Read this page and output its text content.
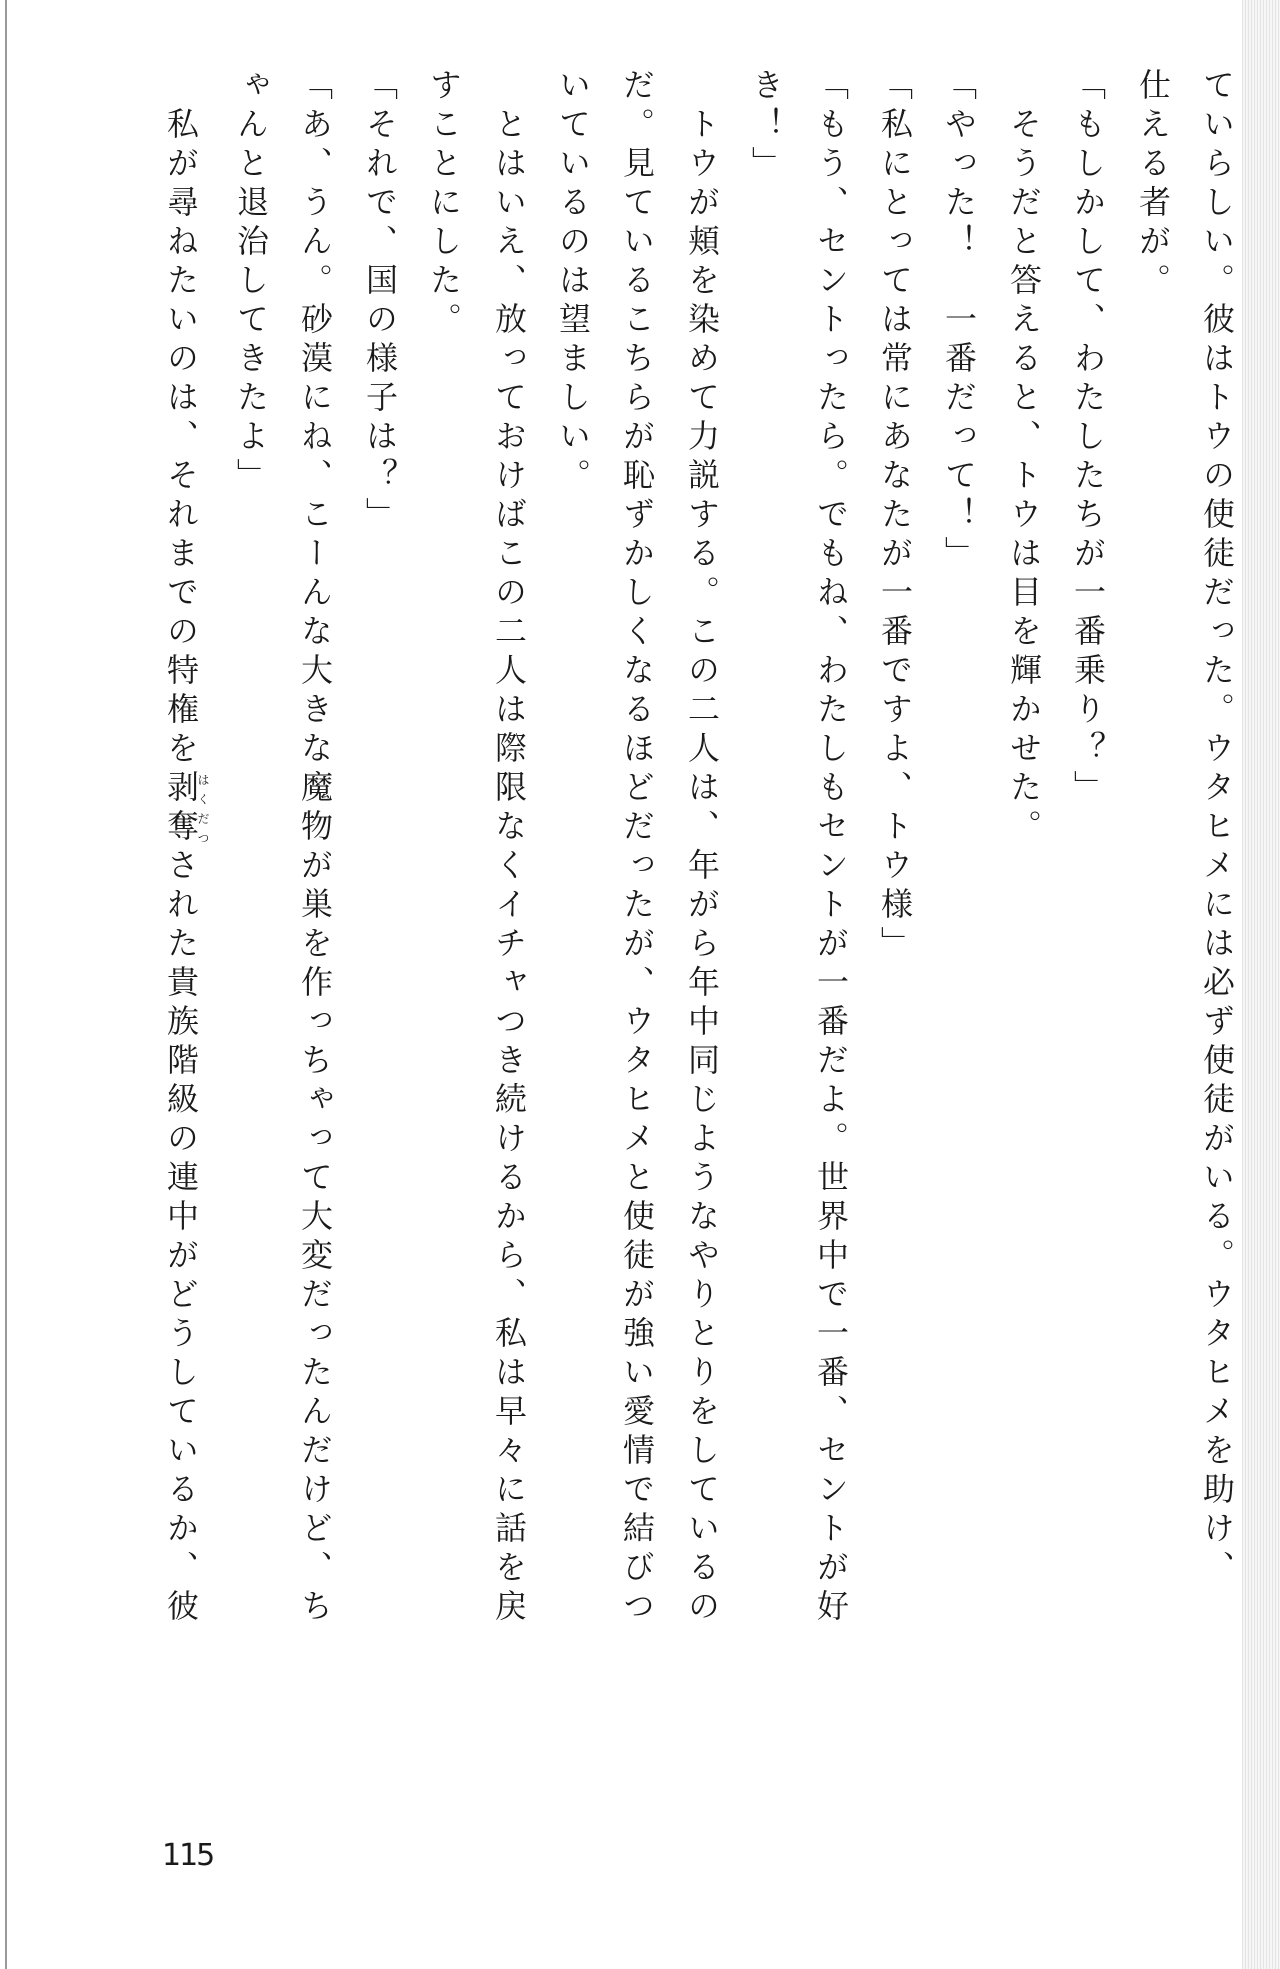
ていらしい。彼はトウの使徒だった。ウタヒメには必ず使徒がいる。ウタヒメを助け、
仕える者が。
「もしかして、わたしたちが一番乗り？」
　そうだと答えると、トウは目を輝かせた。
「やった！　一番だって！」
「私にとっては常にあなたが一番ですよ、トウ様」
「もう、セントったら。でもね、わたしもセントが一番だよ。世界中で一番、セントが好
き！」
　トウが頬を染めて力説する。この二人は、年がら年中同じようなやりとりをしているの
だ。見ているこちらが恥ずかしくなるほどだったが、ウタヒメと使徒が強い愛情で結びつ
いているのは望ましい。
　とはいえ、放っておけばこの二人は際限なくイチャつき続けるから、私は早々に話を戻
すことにした。
「それで、国の様子は？」
「あ、うん。砂漠にね、こーんな大きな魔物が巣を作っちゃって大変だったんだけど、ち
ゃんと退治してきたよ」
　私が尋ねたいのは、それまでの特権を剥奪はくだつされた貴族階級の連中がどうしているか、彼
115
